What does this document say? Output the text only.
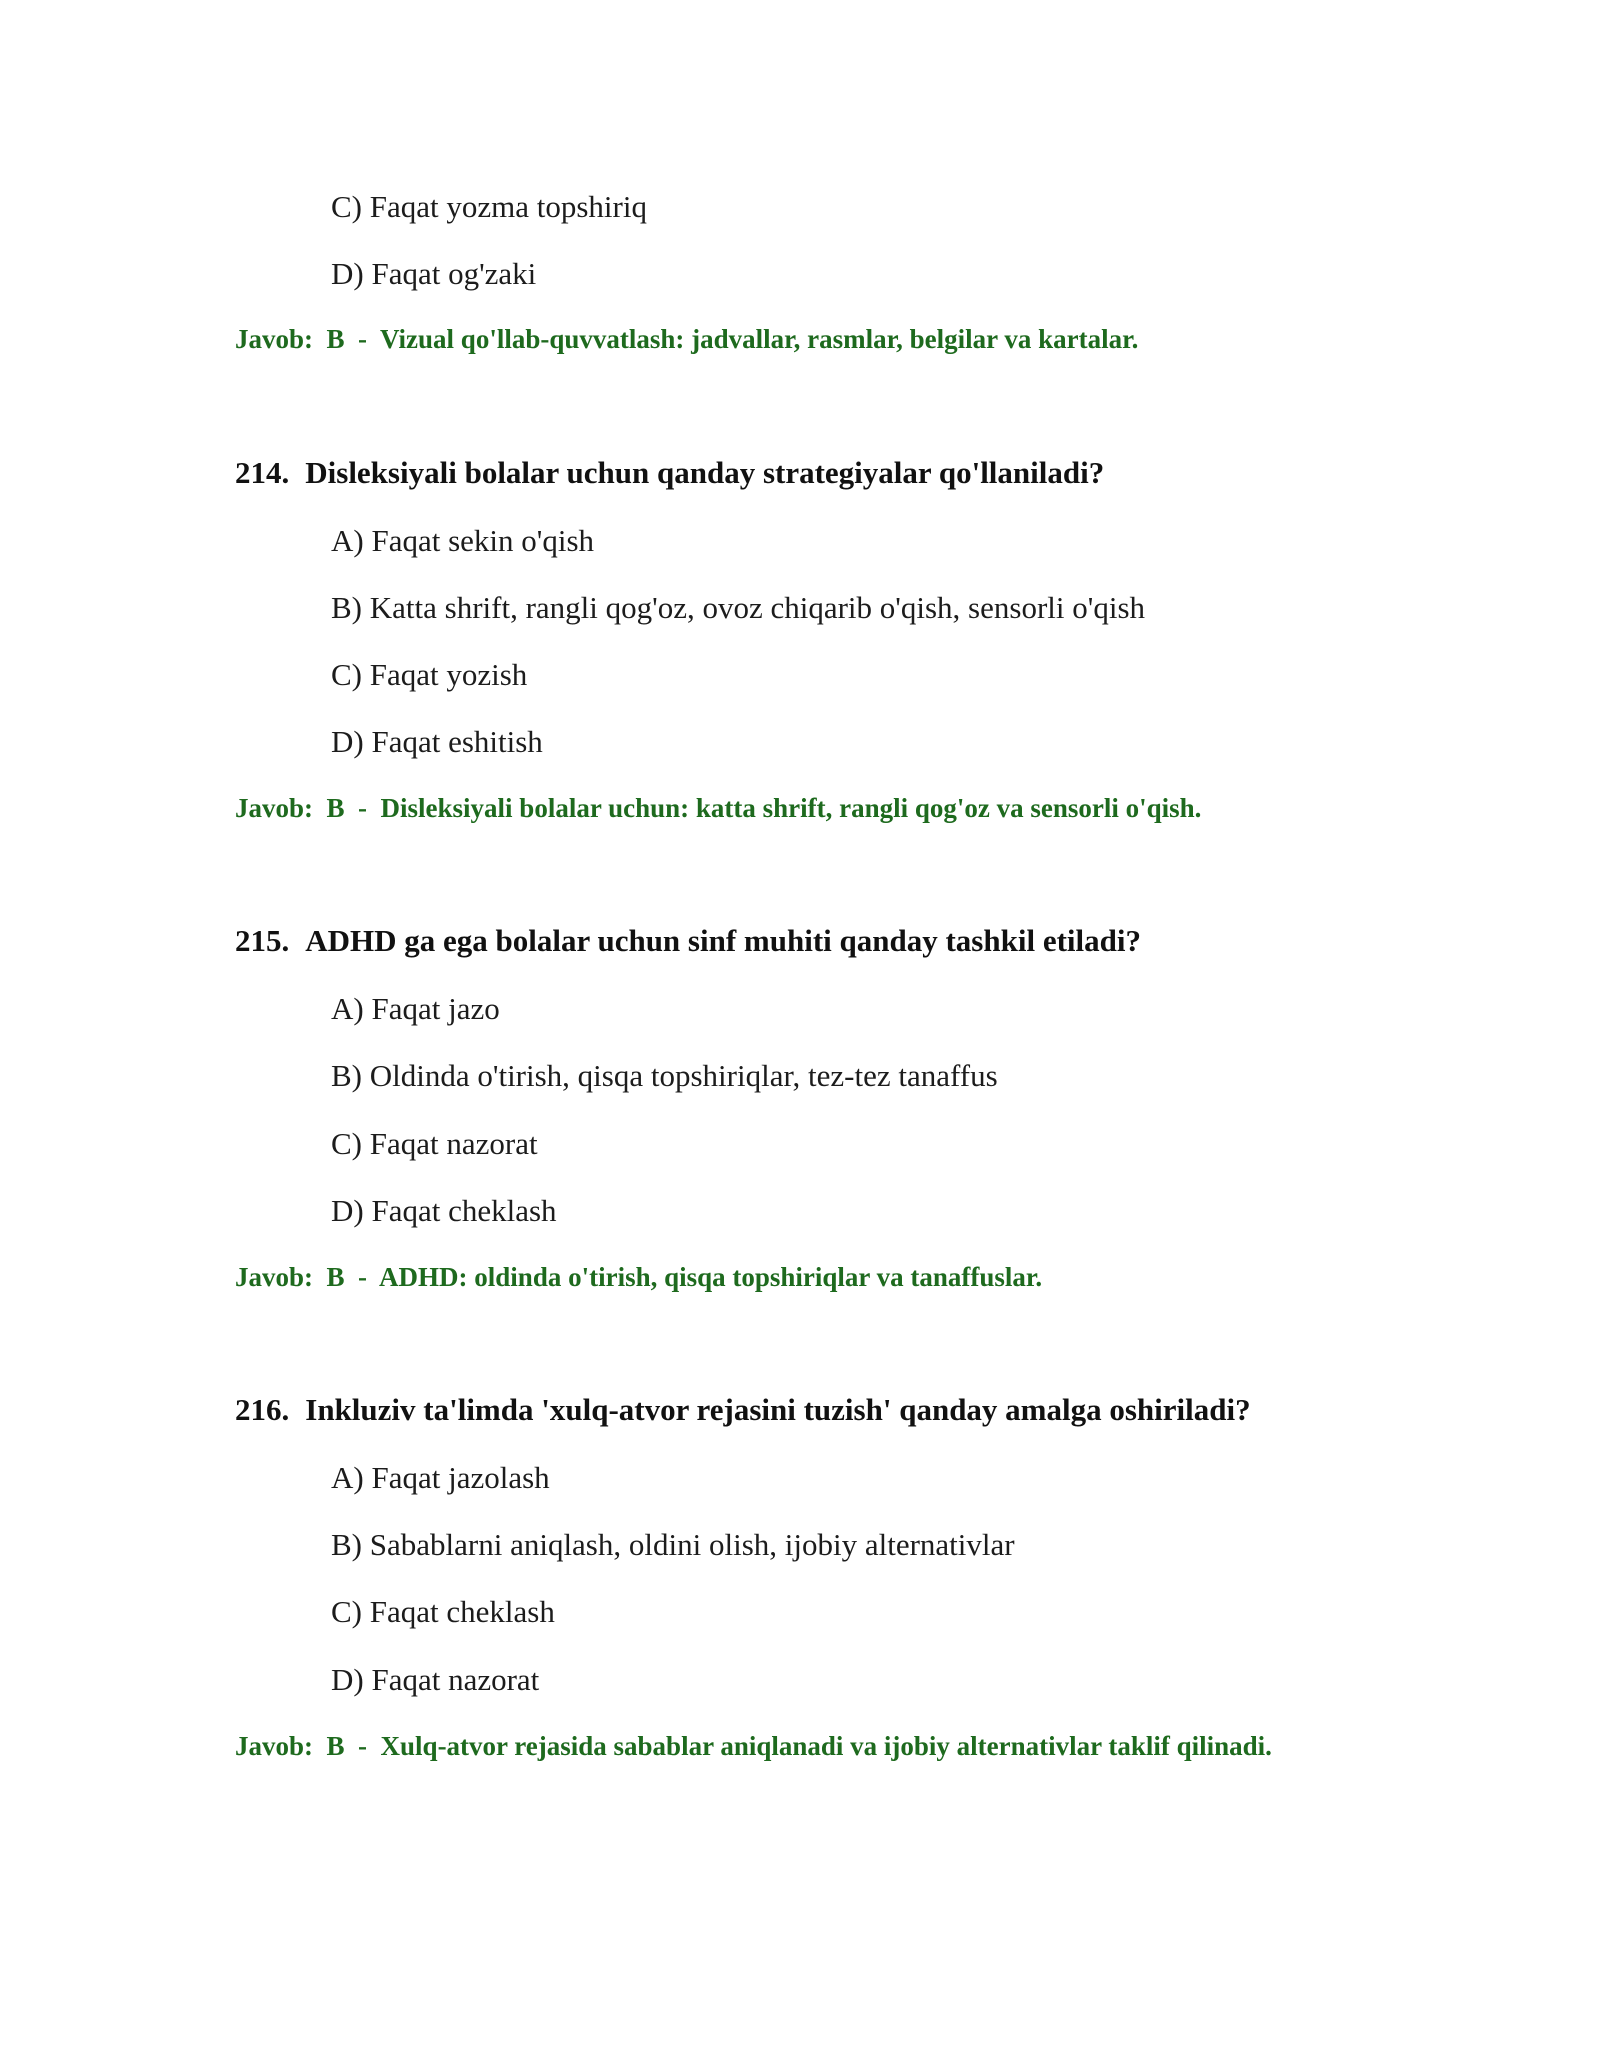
C) Faqat yozma topshiriq
D) Faqat og'zaki
Javob: B - Vizual qo'llab-quvvatlash: jadvallar, rasmlar, belgilar va kartalar.
214. Disleksiyali bolalar uchun qanday strategiyalar qo'llaniladi?
A) Faqat sekin o'qish
B) Katta shrift, rangli qog'oz, ovoz chiqarib o'qish, sensorli o'qish
C) Faqat yozish
D) Faqat eshitish
Javob: B - Disleksiyali bolalar uchun: katta shrift, rangli qog'oz va sensorli o'qish.
215. ADHD ga ega bolalar uchun sinf muhiti qanday tashkil etiladi?
A) Faqat jazo
B) Oldinda o'tirish, qisqa topshiriqlar, tez-tez tanaffus
C) Faqat nazorat
D) Faqat cheklash
Javob: B - ADHD: oldinda o'tirish, qisqa topshiriqlar va tanaffuslar.
216. Inkluziv ta'limda 'xulq-atvor rejasini tuzish' qanday amalga oshiriladi?
A) Faqat jazolash
B) Sabablarni aniqlash, oldini olish, ijobiy alternativlar
C) Faqat cheklash
D) Faqat nazorat
Javob: B - Xulq-atvor rejasida sabablar aniqlanadi va ijobiy alternativlar taklif qilinadi.
